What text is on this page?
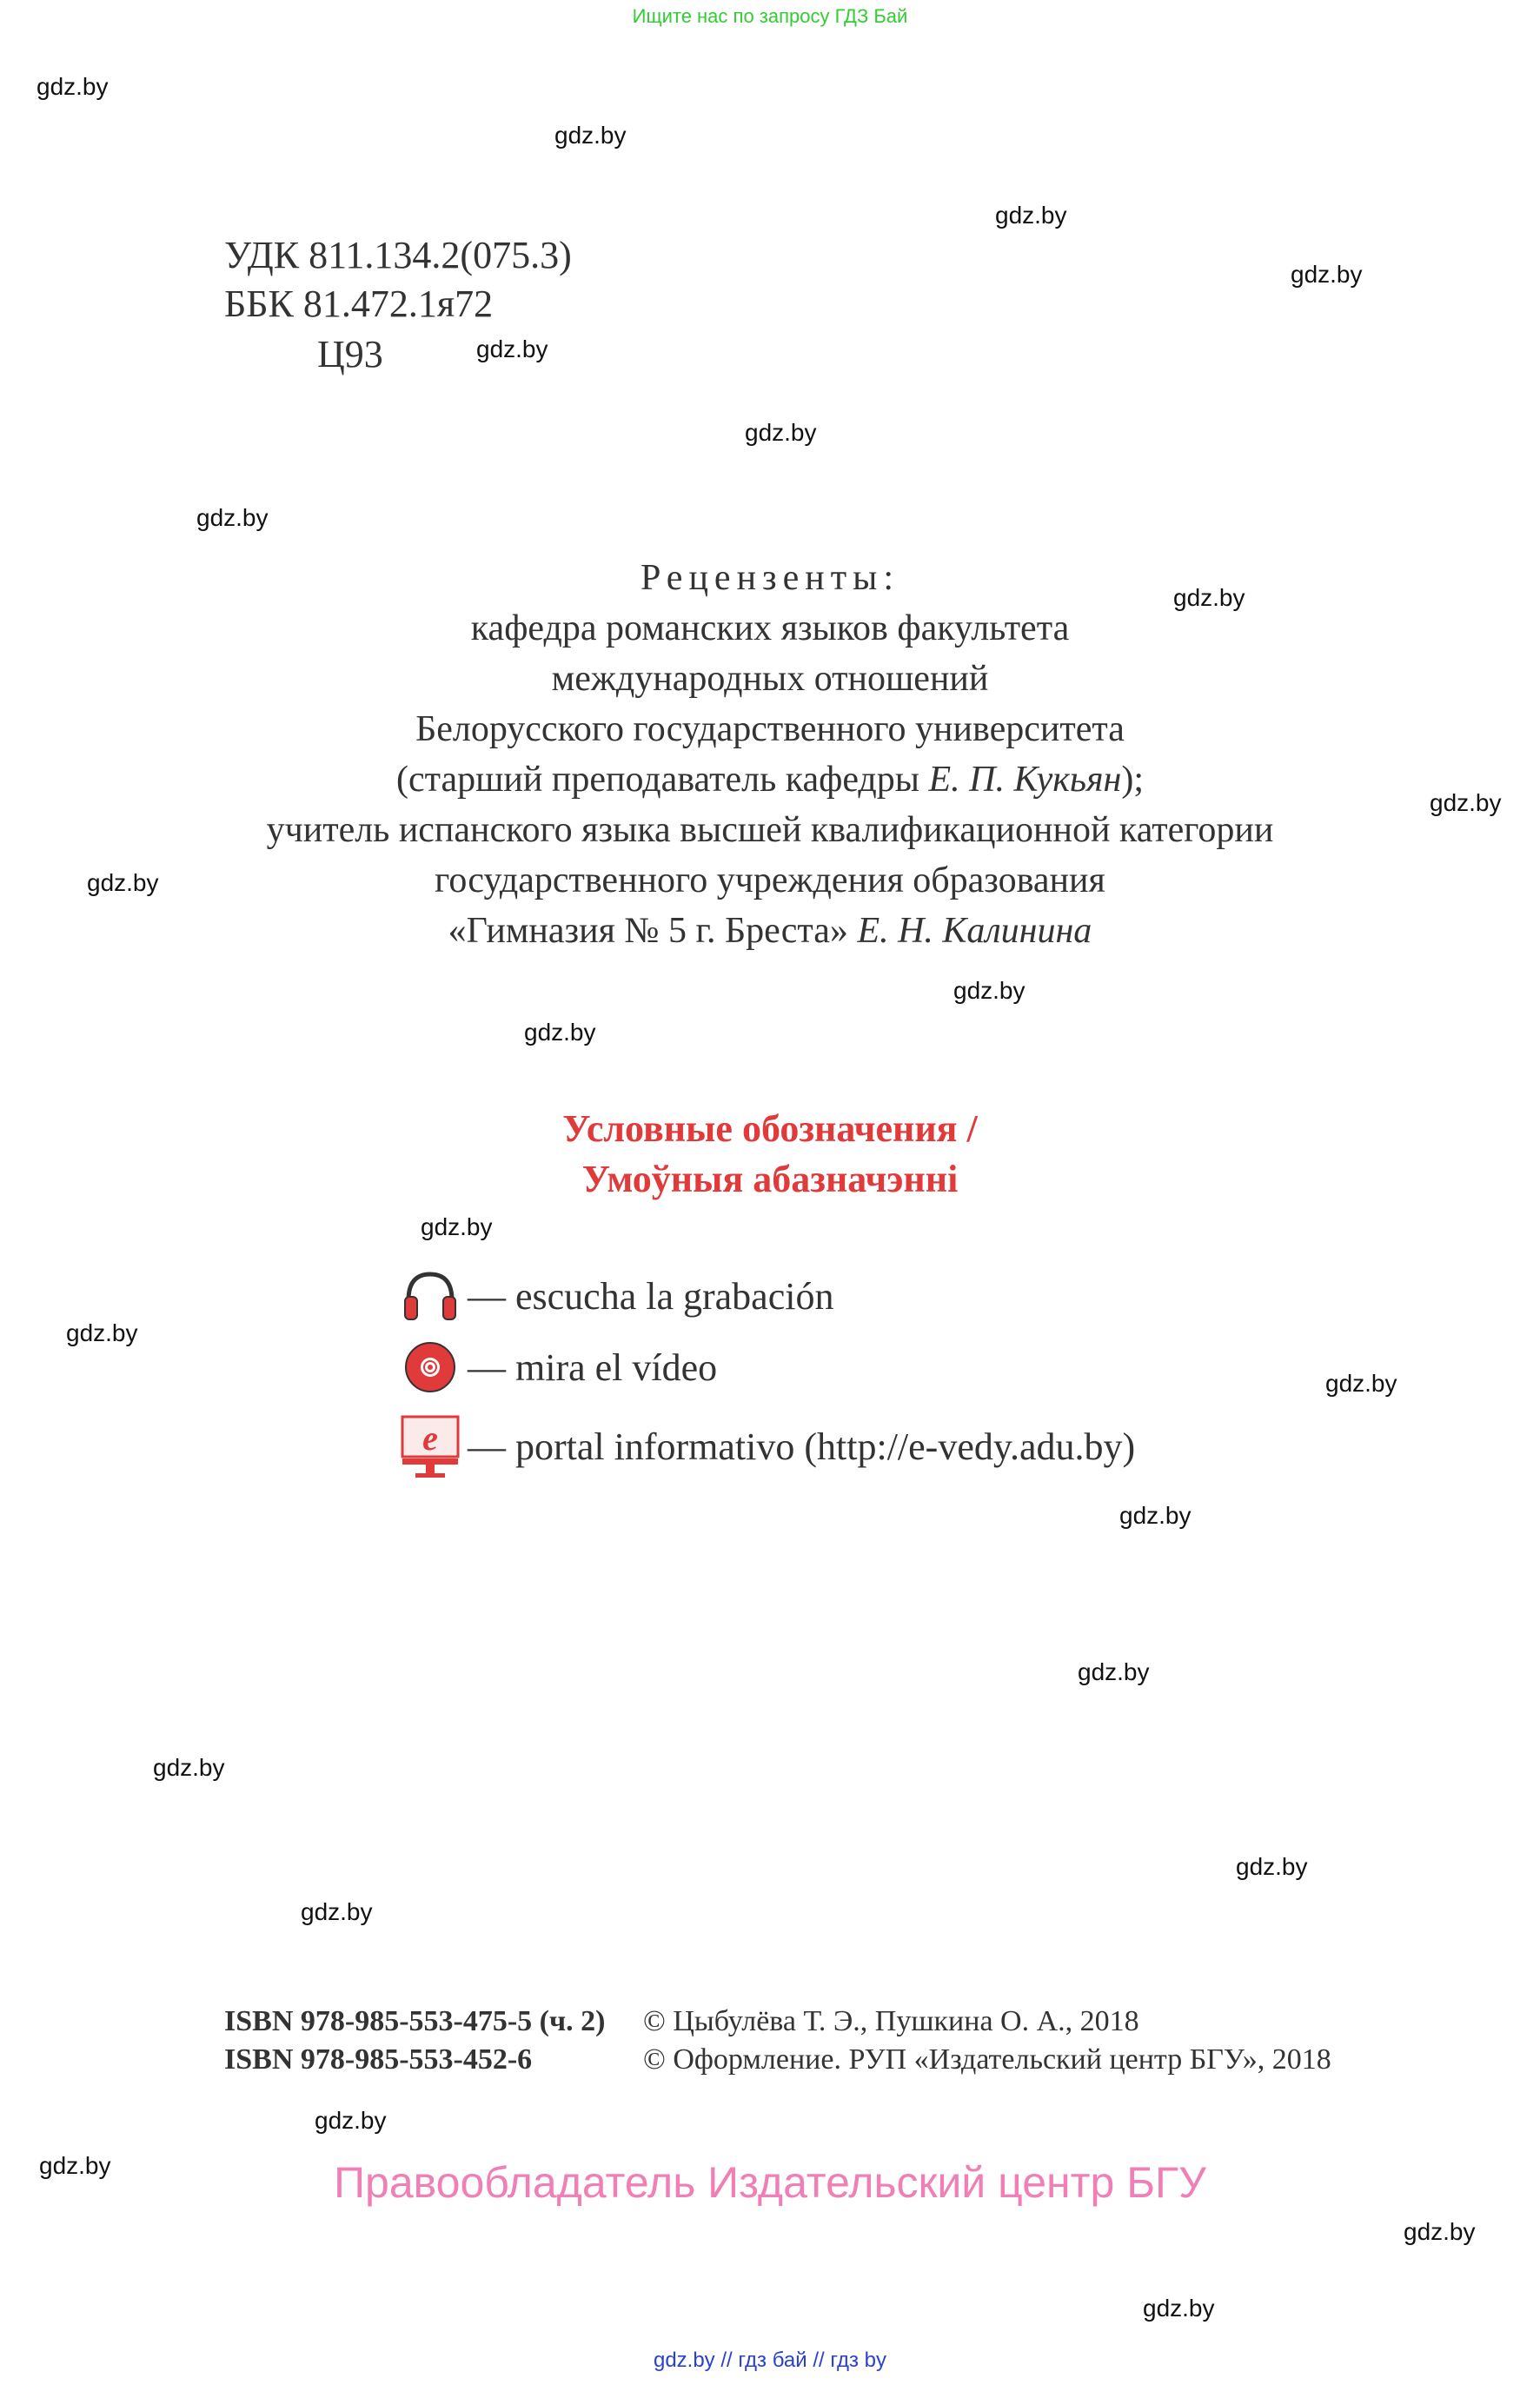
Ищите нас по запросу ГДЗ Бай
gdz.by
gdz.by
gdz.by
gdz.by
gdz.by
gdz.by
gdz.by
gdz.by
gdz.by
gdz.by
gdz.by
gdz.by
gdz.by
gdz.by
gdz.by
gdz.by
gdz.by
gdz.by
gdz.by
gdz.by
gdz.by
gdz.by
gdz.by
gdz.by
УДК 811.134.2(075.3)
ББК 81.472.1я72
Ц93
Рецензенты:
кафедра романских языков факультета
международных отношений
Белорусского государственного университета
(старший преподаватель кафедры Е. П. Кукьян);
учитель испанского языка высшей квалификационной категории
государственного учреждения образования
«Гимназия № 5 г. Бреста» Е. Н. Калинина
Условные обозначения /
Умоўныя абазначэнні
— escucha la grabación
— mira el vídeo
e — portal informativo (http://e-vedy.adu.by)
ISBN 978-985-553-475-5 (ч. 2)
ISBN 978-985-553-452-6
© Цыбулёва Т. Э., Пушкина О. А., 2018
© Оформление. РУП «Издательский центр БГУ», 2018
Правообладатель Издательский центр БГУ
gdz.by // гдз бай // гдз by
